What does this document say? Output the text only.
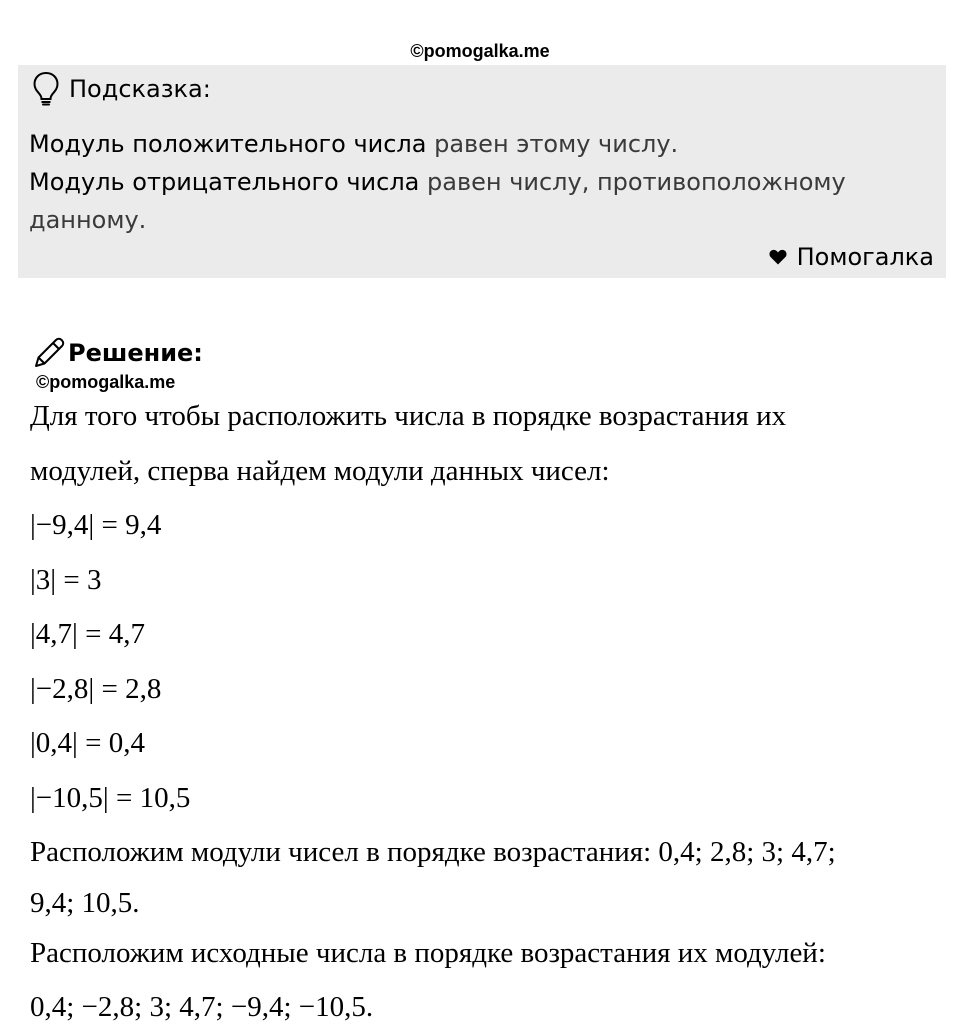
©pomogalka.me
Подсказка:
Модуль положительного числа равен этому числу.
Модуль отрицательного числа равен числу, противоположному
данному.
Помогалка
Решение:
©pomogalka.me
Для того чтобы расположить числа в порядке возрастания их
модулей, сперва найдем модули данных чисел:
|−9,4| = 9,4
|3| = 3
|4,7| = 4,7
|−2,8| = 2,8
|0,4| = 0,4
|−10,5| = 10,5
Расположим модули чисел в порядке возрастания: 0,4; 2,8; 3; 4,7;
9,4; 10,5.
Расположим исходные числа в порядке возрастания их модулей:
0,4; −2,8; 3; 4,7; −9,4; −10,5.
